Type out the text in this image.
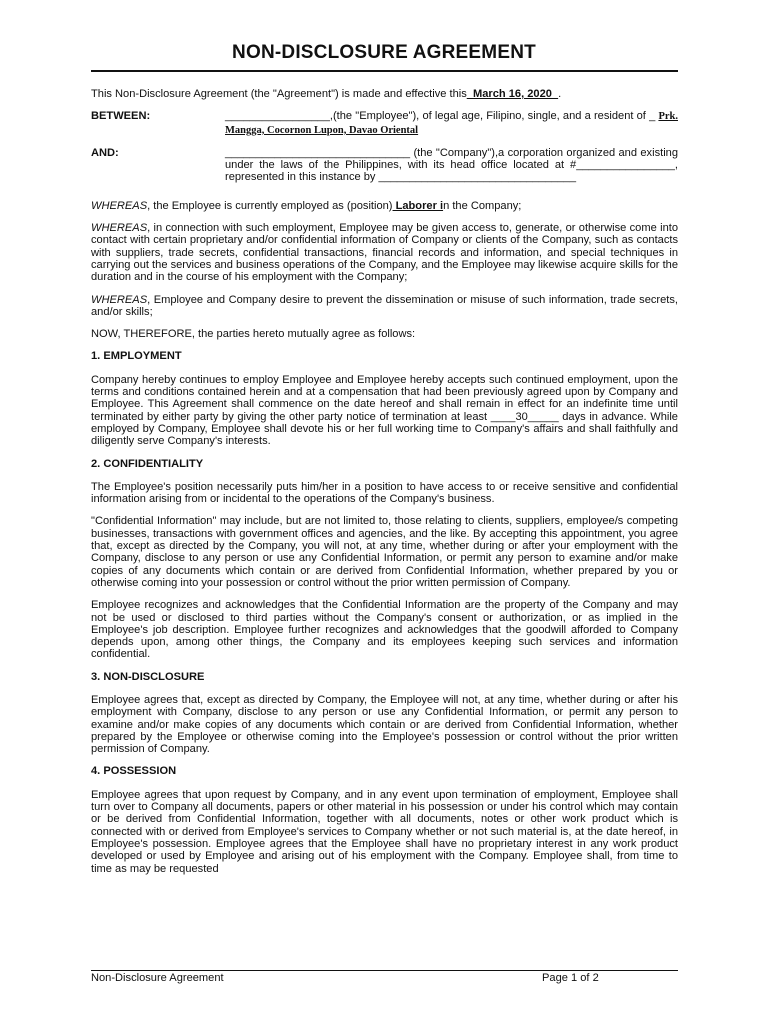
NON-DISCLOSURE AGREEMENT

This Non-Disclosure Agreement (the "Agreement") is made and effective this_March 16, 2020_.

BETWEEN:	_________________,(the "Employee"), of legal age, Filipino, single, and a resident of _ Prk. Mangga, Cocornon Lupon, Davao Oriental
AND:	______________________________ (the "Company"),a corporation organized and existing under the laws of the Philippines, with its head office located at #________________, represented in this instance by ________________________________

WHEREAS, the Employee is currently employed as (position) Laborer in the Company;

WHEREAS, in connection with such employment, Employee may be given access to, generate, or otherwise come into contact with certain proprietary and/or confidential information of Company or clients of the Company, such as contacts with suppliers, trade secrets, confidential transactions, financial records and information, and special techniques in carrying out the services and business operations of the Company, and the Employee may likewise acquire skills for the duration and in the course of his employment with the Company;

WHEREAS, Employee and Company desire to prevent the dissemination or misuse of such information, trade secrets, and/or skills;

NOW, THEREFORE, the parties hereto mutually agree as follows:

1. EMPLOYMENT

Company hereby continues to employ Employee and Employee hereby accepts such continued employment, upon the terms and conditions contained herein and at a compensation that had been previously agreed upon by Company and Employee. This Agreement shall commence on the date hereof and shall remain in effect for an indefinite time until terminated by either party by giving the other party notice of termination at least ____30_____ days in advance. While employed by Company, Employee shall devote his or her full working time to Company's affairs and shall faithfully and diligently serve Company's interests.

2. CONFIDENTIALITY

The Employee's position necessarily puts him/her in a position to have access to or receive sensitive and confidential information arising from or incidental to the operations of the Company's business.

"Confidential Information" may include, but are not limited to, those relating to clients, suppliers, employee/s competing businesses, transactions with government offices and agencies, and the like. By accepting this appointment, you agree that, except as directed by the Company, you will not, at any time, whether during or after your employment with the Company, disclose to any person or use any Confidential Information, or permit any person to examine and/or make copies of any documents which contain or are derived from Confidential Information, whether prepared by you or otherwise coming into your possession or control without the prior written permission of Company.

Employee recognizes and acknowledges that the Confidential Information are the property of the Company and may not be used or disclosed to third parties without the Company's consent or authorization, or as implied in the Employee's job description. Employee further recognizes and acknowledges that the goodwill afforded to Company depends upon, among other things, the Company and its employees keeping such services and information confidential.

3. NON-DISCLOSURE

Employee agrees that, except as directed by Company, the Employee will not, at any time, whether during or after his employment with Company, disclose to any person or use any Confidential Information, or permit any person to examine and/or make copies of any documents which contain or are derived from Confidential Information, whether prepared by the Employee or otherwise coming into the Employee's possession or control without the prior written permission of Company.

4. POSSESSION

Employee agrees that upon request by Company, and in any event upon termination of employment, Employee shall turn over to Company all documents, papers or other material in his possession or under his control which may contain or be derived from Confidential Information, together with all documents, notes or other work product which is connected with or derived from Employee's services to Company whether or not such material is, at the date hereof, in Employee's possession. Employee agrees that the Employee shall have no proprietary interest in any work product developed or used by Employee and arising out of his employment with the Company. Employee shall, from time to time as may be requested

Non-Disclosure Agreement	Page 1 of 2
